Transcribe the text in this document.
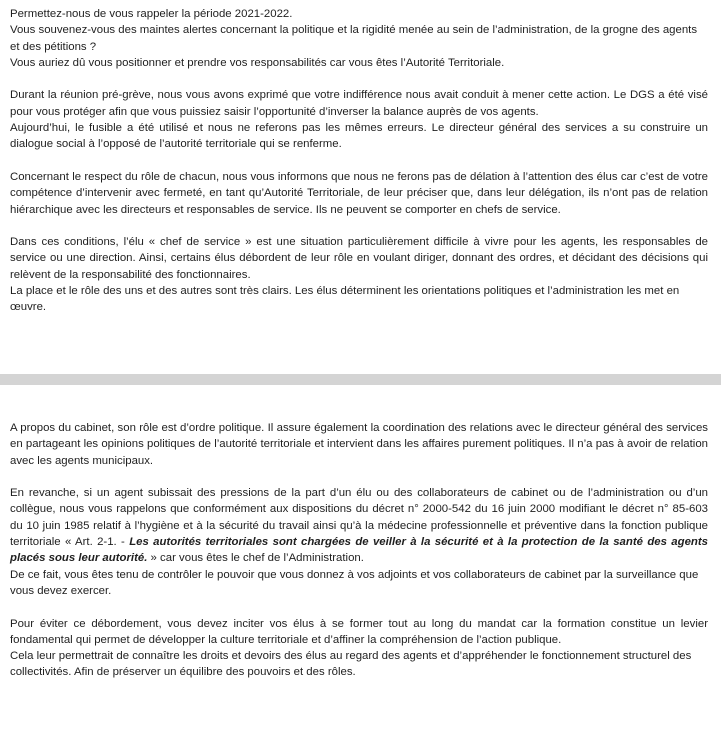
Permettez-nous de vous rappeler la période 2021-2022.

Vous souvenez-vous des maintes alertes concernant la politique et la rigidité menée au sein de l’administration, de la grogne des agents et des pétitions ?

Vous auriez dû vous positionner et prendre vos responsabilités car vous êtes l’Autorité Territoriale.

Durant la réunion pré-grève, nous vous avons exprimé que votre indifférence nous avait conduit à mener cette action. Le DGS a été visé pour vous protéger afin que vous puissiez saisir l’opportunité d’inverser la balance auprès de vos agents.

Aujourd’hui, le fusible a été utilisé et nous ne referons pas les mêmes erreurs. Le directeur général des services a su construire un dialogue social à l’opposé de l’autorité territoriale qui se renferme.

Concernant le respect du rôle de chacun, nous vous informons que nous ne ferons pas de délation à l’attention des élus car c’est de votre compétence d’intervenir avec fermeté, en tant qu’Autorité Territoriale, de leur préciser que, dans leur délégation, ils n’ont pas de relation hiérarchique avec les directeurs et responsables de service. Ils ne peuvent se comporter en chefs de service.

Dans ces conditions, l’élu « chef de service » est une situation particulièrement difficile à vivre pour les agents, les responsables de service ou une direction. Ainsi, certains élus débordent de leur rôle en voulant diriger, donnant des ordres, et décidant des décisions qui relèvent de la responsabilité des fonctionnaires.

La place et le rôle des uns et des autres sont très clairs. Les élus déterminent les orientations politiques et l’administration les met en œuvre.

A propos du cabinet, son rôle est d’ordre politique. Il assure également la coordination des relations avec le directeur général des services en partageant les opinions politiques de l’autorité territoriale et intervient dans les affaires purement politiques. Il n’a pas à avoir de relation avec les agents municipaux.

En revanche, si un agent subissait des pressions de la part d’un élu ou des collaborateurs de cabinet ou de l’administration ou d’un collègue, nous vous rappelons que conformément aux dispositions du décret n° 2000-542 du 16 juin 2000 modifiant le décret n° 85-603 du 10 juin 1985 relatif à l’hygiène et à la sécurité du travail ainsi qu’à la médecine professionnelle et préventive dans la fonction publique territoriale « Art. 2-1. - Les autorités territoriales sont chargées de veiller à la sécurité et à la protection de la santé des agents placés sous leur autorité. » car vous êtes le chef de l’Administration.

De ce fait, vous êtes tenu de contrôler le pouvoir que vous donnez à vos adjoints et vos collaborateurs de cabinet par la surveillance que vous devez exercer.

Pour éviter ce débordement, vous devez inciter vos élus à se former tout au long du mandat car la formation constitue un levier fondamental qui permet de développer la culture territoriale et d’affiner la compréhension de l’action publique.

Cela leur permettrait de connaître les droits et devoirs des élus au regard des agents et d’appréhender le fonctionnement structurel des collectivités. Afin de préserver un équilibre des pouvoirs et des rôles.
